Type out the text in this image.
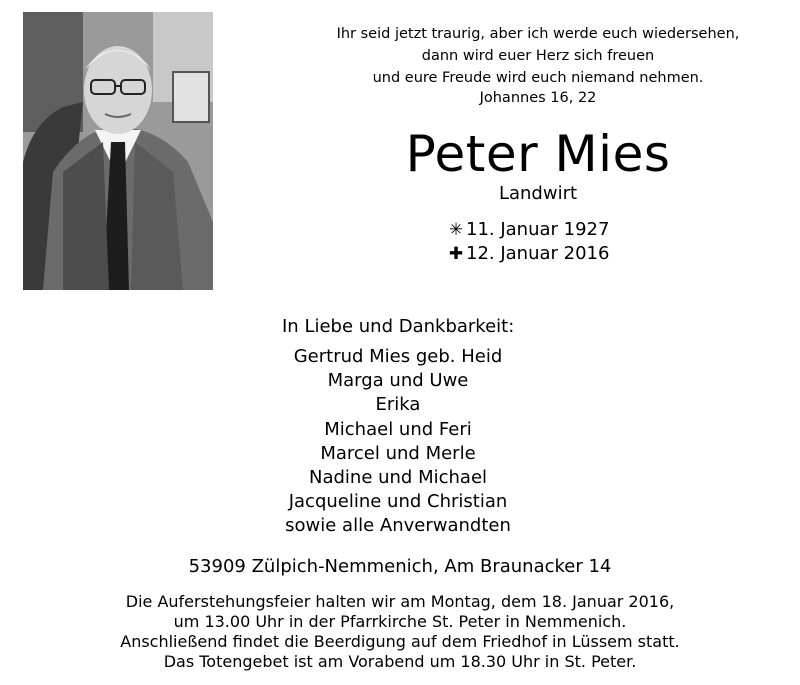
Ihr seid jetzt traurig, aber ich werde euch wiedersehen,
dann wird euer Herz sich freuen
und eure Freude wird euch niemand nehmen.
Johannes 16, 22
Peter Mies
Landwirt
✳ 11. Januar 1927
✚ 12. Januar 2016
In Liebe und Dankbarkeit:
Gertrud Mies geb. Heid
Marga und Uwe
Erika
Michael und Feri
Marcel und Merle
Nadine und Michael
Jacqueline und Christian
sowie alle Anverwandten
53909 Zülpich-Nemmenich, Am Braunacker 14
Die Auferstehungsfeier halten wir am Montag, dem 18. Januar 2016,
um 13.00 Uhr in der Pfarrkirche St. Peter in Nemmenich.
Anschließend findet die Beerdigung auf dem Friedhof in Lüssem statt.
Das Totengebet ist am Vorabend um 18.30 Uhr in St. Peter.
